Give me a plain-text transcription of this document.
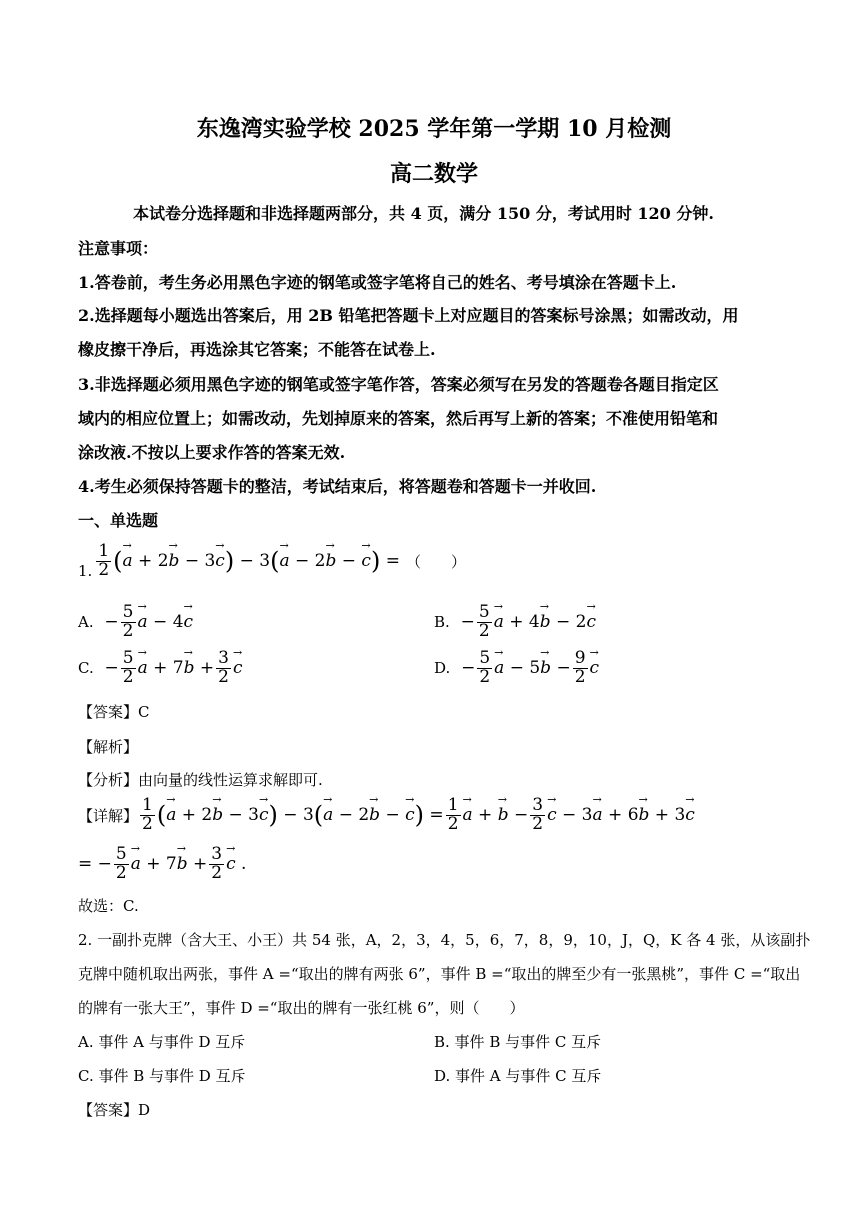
东逸湾实验学校 2025 学年第一学期 10 月检测
高二数学
本试卷分选择题和非选择题两部分，共 4 页，满分 150 分，考试用时 120 分钟.
注意事项：
1.答卷前，考生务必用黑色字迹的钢笔或签字笔将自己的姓名、考号填涂在答题卡上.
2.选择题每小题选出答案后，用 2B 铅笔把答题卡上对应题目的答案标号涂黑；如需改动，用
橡皮擦干净后，再选涂其它答案；不能答在试卷上.
3.非选择题必须用黑色字迹的钢笔或签字笔作答，答案必须写在另发的答题卷各题目指定区
域内的相应位置上；如需改动，先划掉原来的答案，然后再写上新的答案；不准使用铅笔和
涂改液.不按以上要求作答的答案无效.
4.考生必须保持答题卡的整洁，考试结束后，将答题卷和答题卡一并收回.
一、单选题
1. $\frac{1}{2}$ (
→ a + 2
→ b − 3
→ c ) − 3 (
→ a − 2
→ b −
→ c ) = （　　）
A. − $\frac{5}{2}$
→ a − 4
→ c	B. − $\frac{5}{2}$
→ a + 4
→ b − 2
→ c
C. − $\frac{5}{2}$
→ a + 7
→ $b + \frac{3}{2}$
→ c	D. − $\frac{5}{2}$
→ a − 5
→ $b - \frac{9}{2}$
→ c
【答案】C
【解析】
【分析】由向量的线性运算求解即可.
【详解】 $\frac{1}{2}$ (
→ a + 2
→ b − 3
→ c ) − 3 (
→ a − 2
→ b −
→ c ) = $\frac{1}{2}$
→ a +
→ $b - \frac{3}{2}$
→ c − 3
→ a + 6
→ b + 3
→ c
= − $\frac{5}{2}$
→ a + 7
→ $b + \frac{3}{2}$
→ c .
故选：C.
2. 一副扑克牌（含大王、小王）共 54 张，A，2，3，4，5，6，7，8，9，10，J，Q，K 各 4 张，从该副扑
克牌中随机取出两张，事件 A =“取出的牌有两张 6”，事件 B =“取出的牌至少有一张黑桃”，事件 C =“取出
的牌有一张大王”，事件 D =“取出的牌有一张红桃 6”，则（　　）
A. 事件 A 与事件 D 互斥	B. 事件 B 与事件 C 互斥
C. 事件 B 与事件 D 互斥	D. 事件 A 与事件 C 互斥
【答案】D
